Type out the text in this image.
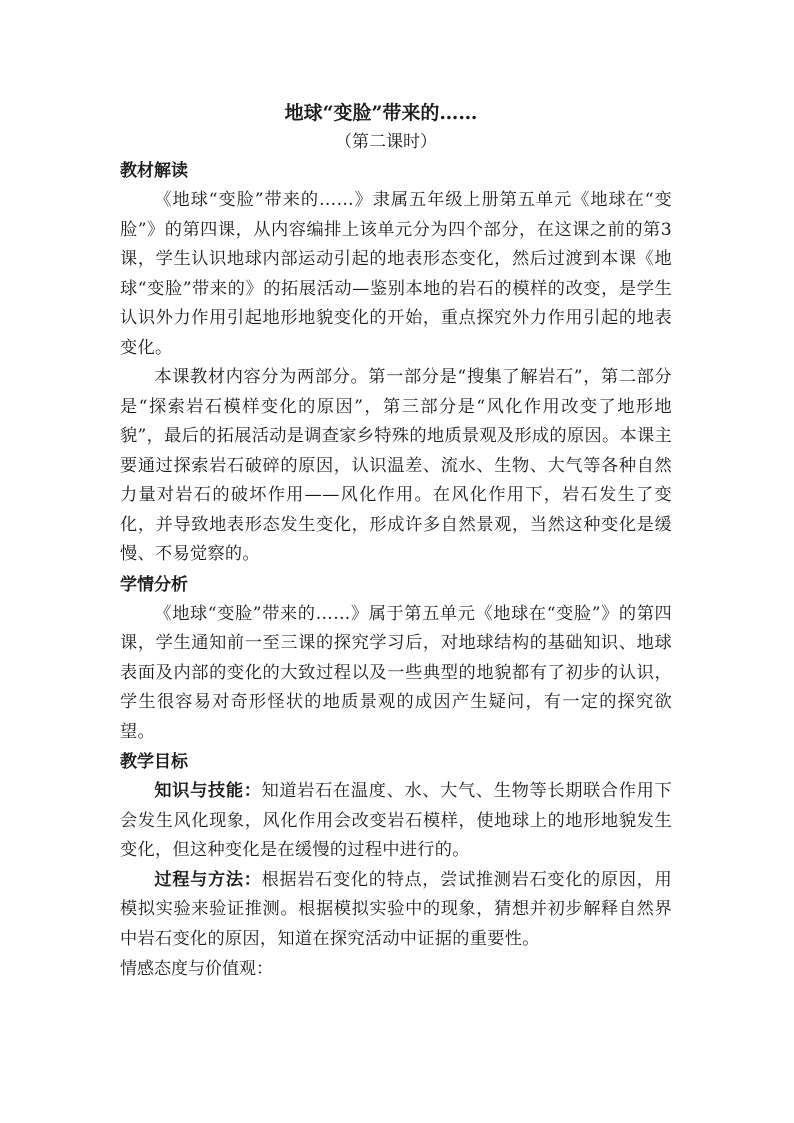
地球“变脸”带来的……
（第二课时）
教材解读

《地球“变脸”带来的……》隶属五年级上册第五单元《地球在“变脸”》的第四课，从内容编排上该单元分为四个部分，在这课之前的第3课，学生认识地球内部运动引起的地表形态变化，然后过渡到本课《地球“变脸”带来的》的拓展活动—鉴别本地的岩石的模样的改变，是学生认识外力作用引起地形地貌变化的开始，重点探究外力作用引起的地表变化。

本课教材内容分为两部分。第一部分是“搜集了解岩石”，第二部分是“探索岩石模样变化的原因”，第三部分是“风化作用改变了地形地貌”，最后的拓展活动是调查家乡特殊的地质景观及形成的原因。本课主要通过探索岩石破碎的原因，认识温差、流水、生物、大气等各种自然力量对岩石的破坏作用——风化作用。在风化作用下，岩石发生了变化，并导致地表形态发生变化，形成许多自然景观，当然这种变化是缓慢、不易觉察的。

学情分析

《地球“变脸”带来的……》属于第五单元《地球在“变脸”》的第四课，学生通知前一至三课的探究学习后，对地球结构的基础知识、地球表面及内部的变化的大致过程以及一些典型的地貌都有了初步的认识，学生很容易对奇形怪状的地质景观的成因产生疑问，有一定的探究欲望。

教学目标

知识与技能：知道岩石在温度、水、大气、生物等长期联合作用下会发生风化现象，风化作用会改变岩石模样，使地球上的地形地貌发生变化，但这种变化是在缓慢的过程中进行的。

过程与方法：根据岩石变化的特点，尝试推测岩石变化的原因，用模拟实验来验证推测。根据模拟实验中的现象，猜想并初步解释自然界中岩石变化的原因，知道在探究活动中证据的重要性。

情感态度与价值观：
